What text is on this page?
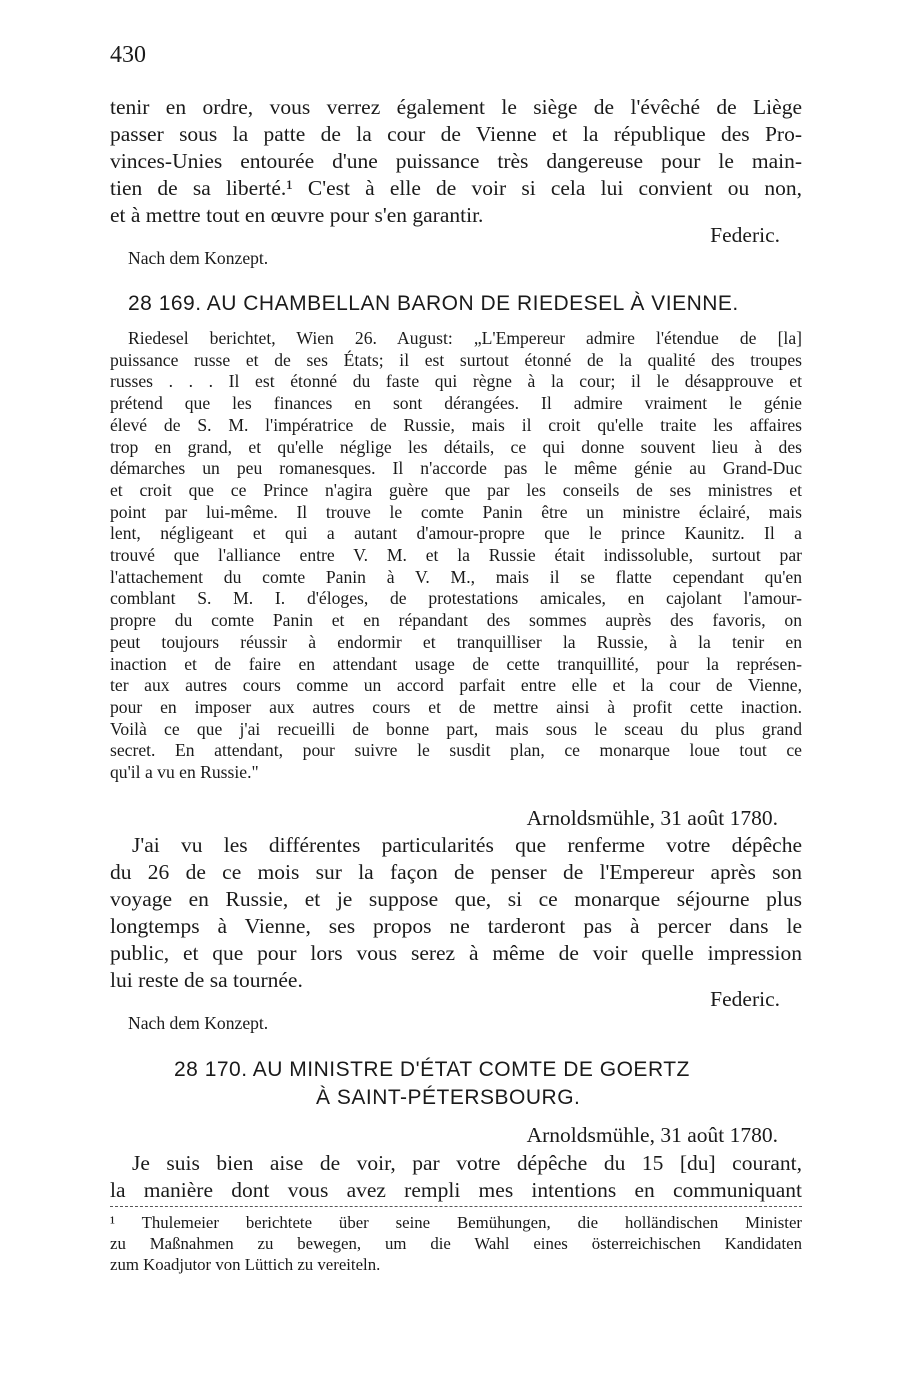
430
tenir en ordre, vous verrez également le siège de l'évêché de Liège
passer sous la patte de la cour de Vienne et la république des Pro-
vinces-Unies entourée d'une puissance très dangereuse pour le main-
tien de sa liberté.¹ C'est à elle de voir si cela lui convient ou non,
et à mettre tout en œuvre pour s'en garantir.
Federic.
Nach dem Konzept.
28 169. AU CHAMBELLAN BARON DE RIEDESEL À VIENNE.
Riedesel berichtet, Wien 26. August: „L'Empereur admire l'étendue de [la]
puissance russe et de ses États; il est surtout étonné de la qualité des troupes
russes . . . Il est étonné du faste qui règne à la cour; il le désapprouve et
prétend que les finances en sont dérangées. Il admire vraiment le génie
élevé de S. M. l'impératrice de Russie, mais il croit qu'elle traite les affaires
trop en grand, et qu'elle néglige les détails, ce qui donne souvent lieu à des
démarches un peu romanesques. Il n'accorde pas le même génie au Grand-Duc
et croit que ce Prince n'agira guère que par les conseils de ses ministres et
point par lui-même. Il trouve le comte Panin être un ministre éclairé, mais
lent, négligeant et qui a autant d'amour-propre que le prince Kaunitz. Il a
trouvé que l'alliance entre V. M. et la Russie était indissoluble, surtout par
l'attachement du comte Panin à V. M., mais il se flatte cependant qu'en
comblant S. M. I. d'éloges, de protestations amicales, en cajolant l'amour-
propre du comte Panin et en répandant des sommes auprès des favoris, on
peut toujours réussir à endormir et tranquilliser la Russie, à la tenir en
inaction et de faire en attendant usage de cette tranquillité, pour la représen-
ter aux autres cours comme un accord parfait entre elle et la cour de Vienne,
pour en imposer aux autres cours et de mettre ainsi à profit cette inaction.
Voilà ce que j'ai recueilli de bonne part, mais sous le sceau du plus grand
secret. En attendant, pour suivre le susdit plan, ce monarque loue tout ce
qu'il a vu en Russie."
Arnoldsmühle, 31 août 1780.
J'ai vu les différentes particularités que renferme votre dépêche
du 26 de ce mois sur la façon de penser de l'Empereur après son
voyage en Russie, et je suppose que, si ce monarque séjourne plus
longtemps à Vienne, ses propos ne tarderont pas à percer dans le
public, et que pour lors vous serez à même de voir quelle impression
lui reste de sa tournée.
Federic.
Nach dem Konzept.
28 170. AU MINISTRE D'ÉTAT COMTE DE GOERTZ
À SAINT-PÉTERSBOURG.
Arnoldsmühle, 31 août 1780.
Je suis bien aise de voir, par votre dépêche du 15 [du] courant,
la manière dont vous avez rempli mes intentions en communiquant
¹ Thulemeier berichtete über seine Bemühungen, die holländischen Minister
zu Maßnahmen zu bewegen, um die Wahl eines österreichischen Kandidaten
zum Koadjutor von Lüttich zu vereiteln.
